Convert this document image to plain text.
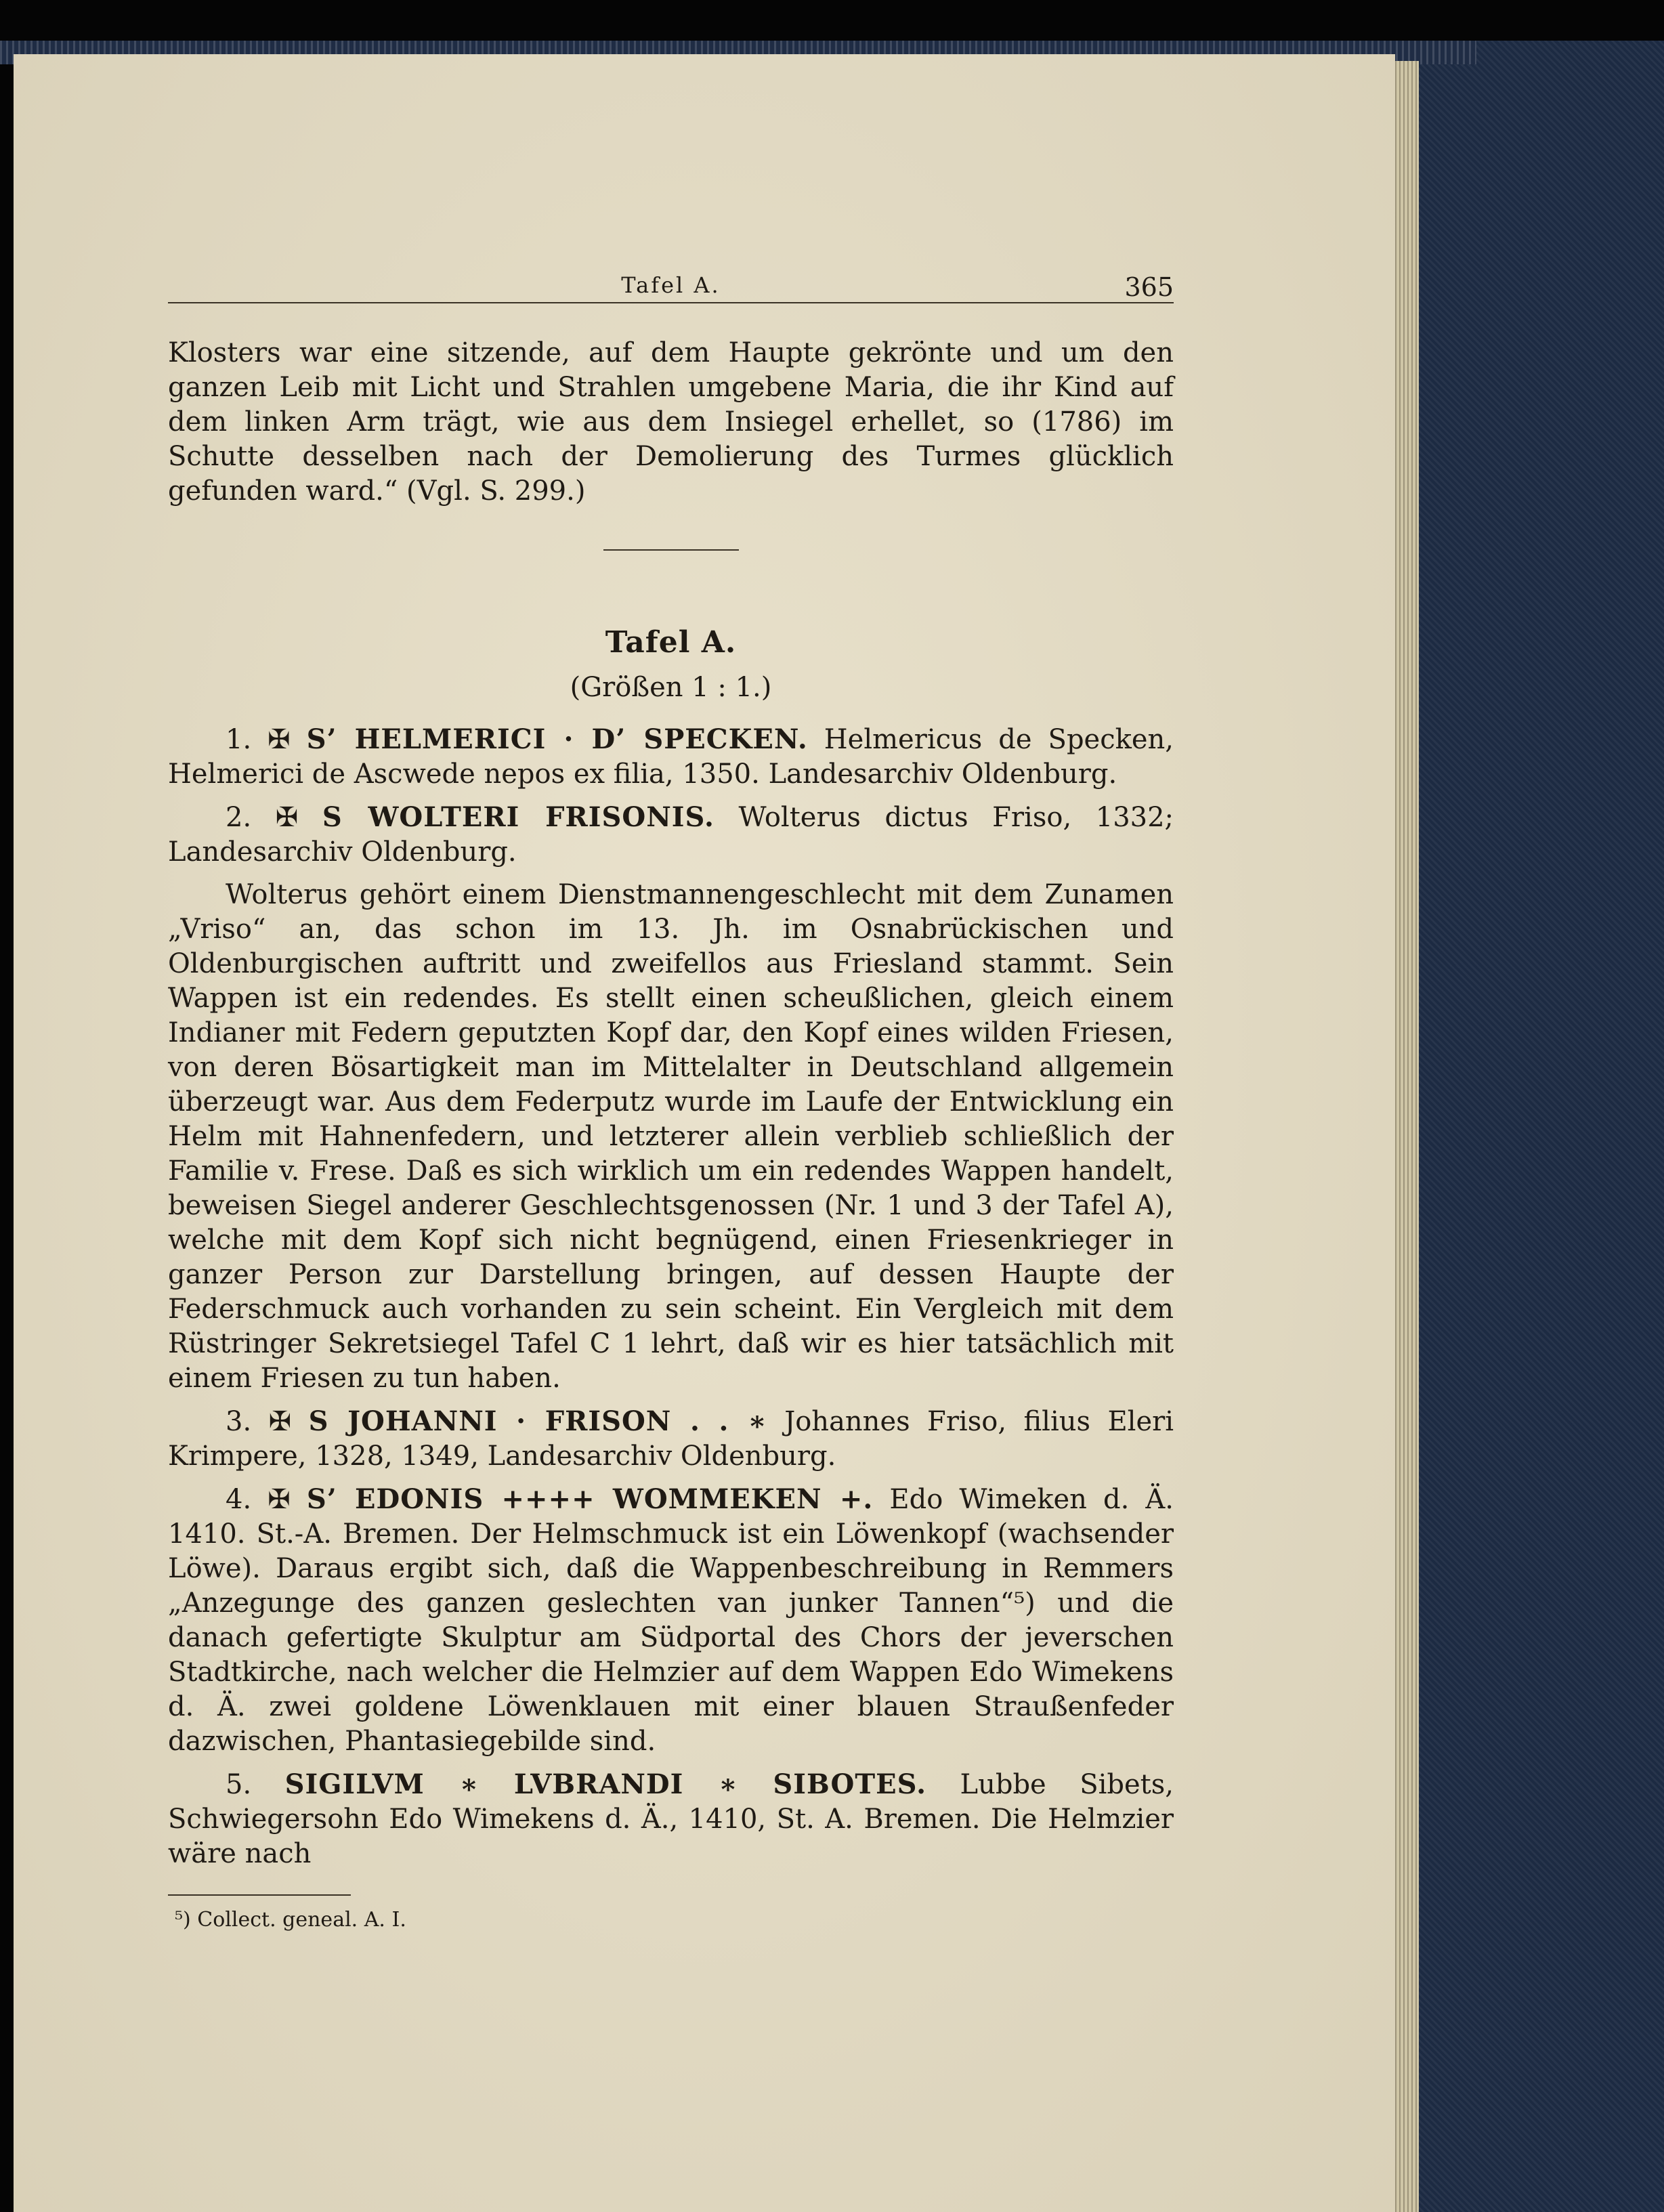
Tafel A.	365

Klosters war eine sitzende, auf dem Haupte gekrönte und um den ganzen Leib mit Licht und Strahlen umgebene Maria, die ihr Kind auf dem linken Arm trägt, wie aus dem Insiegel erhellet, so (1786) im Schutte desselben nach der Demolierung des Turmes glücklich gefunden ward.“ (Vgl. S. 299.)

Tafel A.
(Größen 1 : 1.)

1. ✠ S’ HELMERICI · D’ SPECKEN. Helmericus de Specken, Helmerici de Ascwede nepos ex filia, 1350. Landesarchiv Oldenburg.

2. ✠ S WOLTERI FRISONIS. Wolterus dictus Friso, 1332; Landesarchiv Oldenburg.

Wolterus gehört einem Dienstmannengeschlecht mit dem Zunamen „Vriso“ an, das schon im 13. Jh. im Osnabrückischen und Oldenburgischen auftritt und zweifellos aus Friesland stammt. Sein Wappen ist ein redendes. Es stellt einen scheußlichen, gleich einem Indianer mit Federn geputzten Kopf dar, den Kopf eines wilden Friesen, von deren Bösartigkeit man im Mittelalter in Deutschland allgemein überzeugt war. Aus dem Federputz wurde im Laufe der Entwicklung ein Helm mit Hahnenfedern, und letzterer allein verblieb schließlich der Familie v. Frese. Daß es sich wirklich um ein redendes Wappen handelt, beweisen Siegel anderer Geschlechtsgenossen (Nr. 1 und 3 der Tafel A), welche mit dem Kopf sich nicht begnügend, einen Friesenkrieger in ganzer Person zur Darstellung bringen, auf dessen Haupte der Federschmuck auch vorhanden zu sein scheint. Ein Vergleich mit dem Rüstringer Sekretsiegel Tafel C 1 lehrt, daß wir es hier tatsächlich mit einem Friesen zu tun haben.

3. ✠ S JOHANNI · FRISON . . ∗ Johannes Friso, filius Eleri Krimpere, 1328, 1349, Landesarchiv Oldenburg.

4. ✠ S’ EDONIS ++++ WOMMEKEN +. Edo Wimeken d. Ä. 1410. St.-A. Bremen. Der Helmschmuck ist ein Löwenkopf (wachsender Löwe). Daraus ergibt sich, daß die Wappenbeschreibung in Remmers „Anzegunge des ganzen geslechten van junker Tannen“⁵) und die danach gefertigte Skulptur am Südportal des Chors der jeverschen Stadtkirche, nach welcher die Helmzier auf dem Wappen Edo Wimekens d. Ä. zwei goldene Löwenklauen mit einer blauen Straußenfeder dazwischen, Phantasiegebilde sind.

5. SIGILVM ∗ LVBRANDI ∗ SIBOTES. Lubbe Sibets, Schwiegersohn Edo Wimekens d. Ä., 1410, St. A. Bremen. Die Helmzier wäre nach

⁵) Collect. geneal. A. I.
